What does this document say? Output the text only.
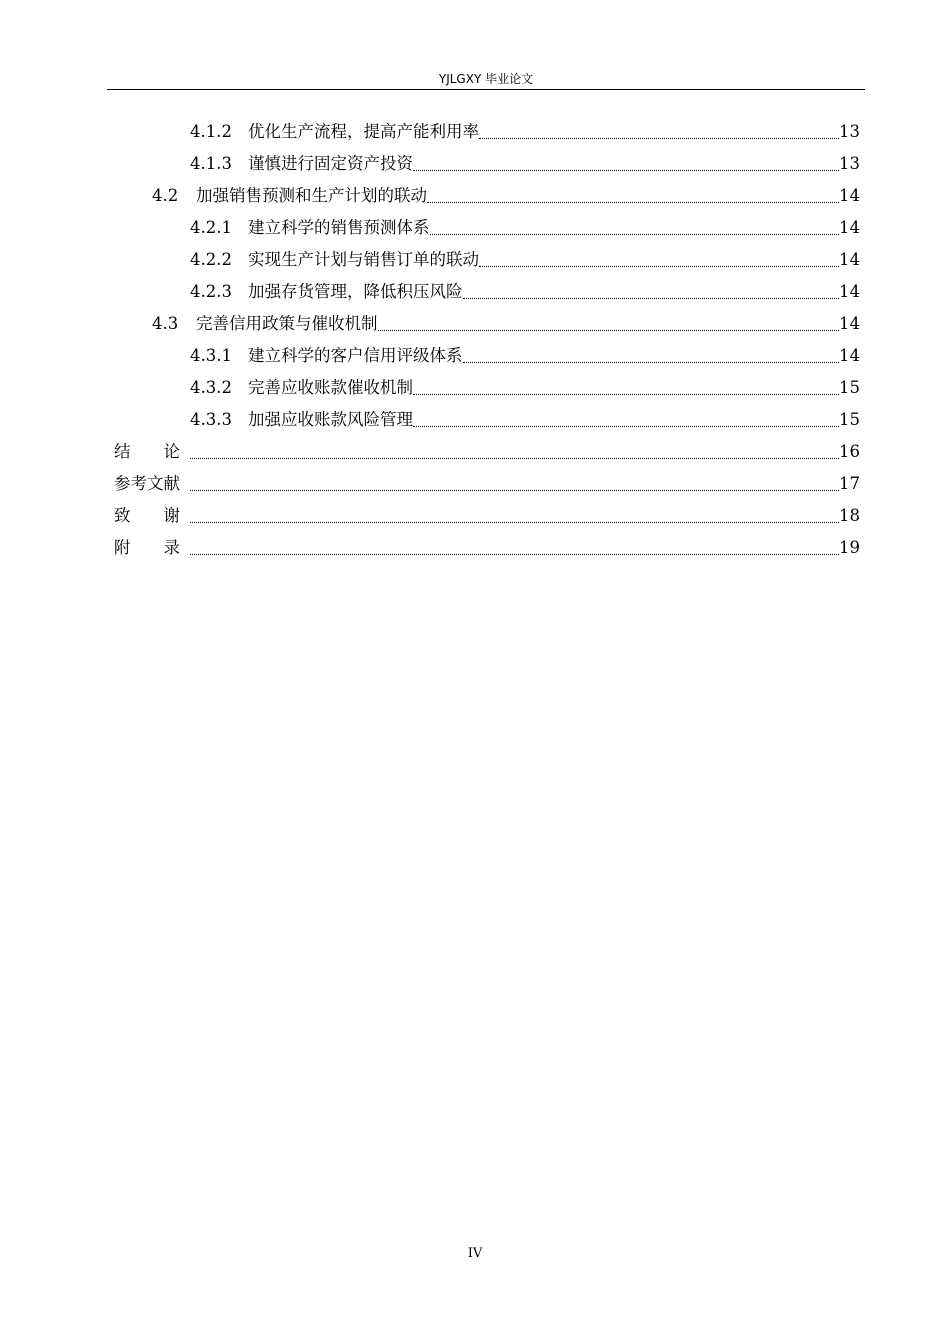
YJLGXY 毕业论文
4.1.2 优化生产流程，提高产能利用率	13
4.1.3 谨慎进行固定资产投资	13
4.2	加强销售预测和生产计划的联动	14
4.2.1 建立科学的销售预测体系	14
4.2.2 实现生产计划与销售订单的联动	14
4.2.3 加强存货管理，降低积压风险	14
4.3	完善信用政策与催收机制	14
4.3.1 建立科学的客户信用评级体系	14
4.3.2 完善应收账款催收机制	15
4.3.3 加强应收账款风险管理	15
结　　论	16
参考文献	17
致　　谢	18
附　　录	19
IV
